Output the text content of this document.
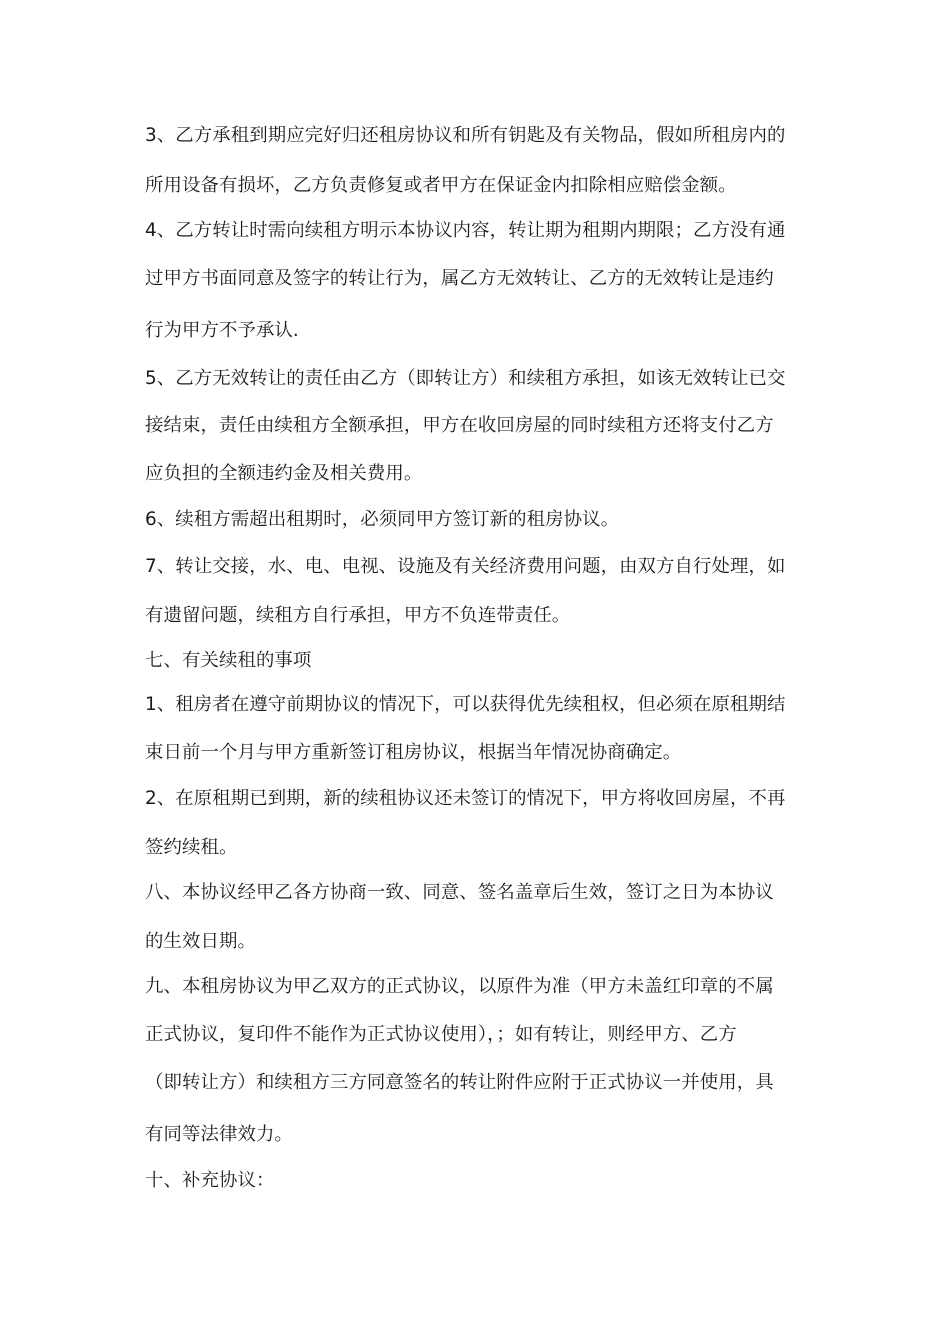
3、乙方承租到期应完好归还租房协议和所有钥匙及有关物品，假如所租房内的

所用设备有损坏，乙方负责修复或者甲方在保证金内扣除相应赔偿金额。

4、乙方转让时需向续租方明示本协议内容，转让期为租期内期限；乙方没有通

过甲方书面同意及签字的转让行为，属乙方无效转让、乙方的无效转让是违约

行为甲方不予承认.

5、乙方无效转让的责任由乙方（即转让方）和续租方承担，如该无效转让已交

接结束，责任由续租方全额承担，甲方在收回房屋的同时续租方还将支付乙方

应负担的全额违约金及相关费用。

6、续租方需超出租期时，必须同甲方签订新的租房协议。

7、转让交接，水、电、电视、设施及有关经济费用问题，由双方自行处理，如

有遗留问题，续租方自行承担，甲方不负连带责任。

七、有关续租的事项

1、租房者在遵守前期协议的情况下，可以获得优先续租权，但必须在原租期结

束日前一个月与甲方重新签订租房协议，根据当年情况协商确定。

2、在原租期已到期，新的续租协议还未签订的情况下，甲方将收回房屋，不再

签约续租。

八、本协议经甲乙各方协商一致、同意、签名盖章后生效，签订之日为本协议

的生效日期。

九、本租房协议为甲乙双方的正式协议，以原件为准（甲方未盖红印章的不属

正式协议，复印件不能作为正式协议使用），；如有转让，则经甲方、乙方

（即转让方）和续租方三方同意签名的转让附件应附于正式协议一并使用，具

有同等法律效力。

十、补充协议：
